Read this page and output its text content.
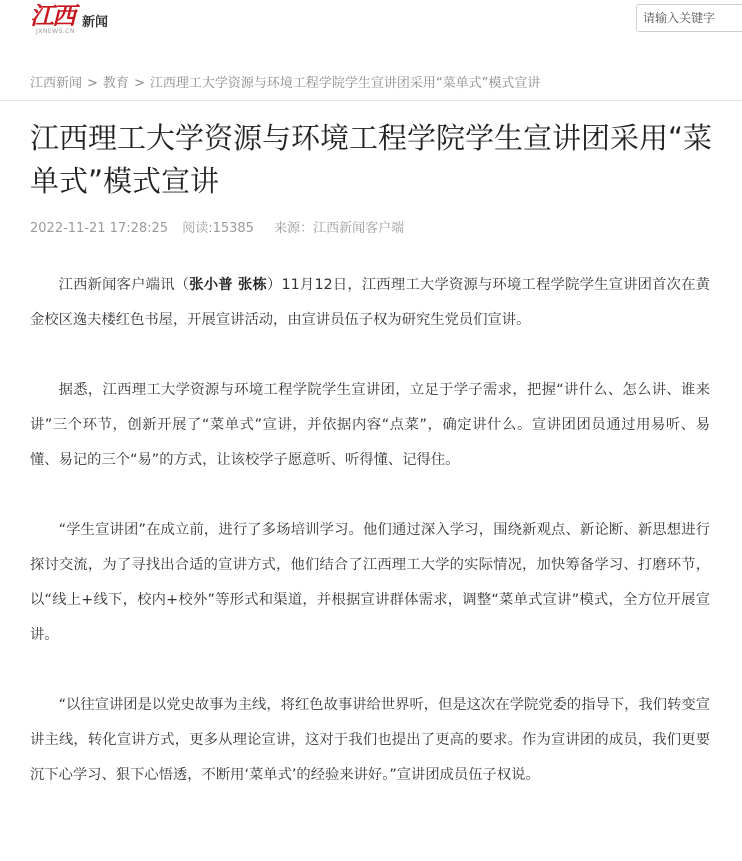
江西
JXNEWS.CN
新闻
请输入关键字
江西新闻 > 教育 > 江西理工大学资源与环境工程学院学生宣讲团采用“菜单式”模式宣讲
江西理工大学资源与环境工程学院学生宣讲团采用“菜单式”模式宣讲
2022-11-21 17:28:25 阅读:15385 来源：江西新闻客户端

江西新闻客户端讯（张小普 张栋）11月12日，江西理工大学资源与环境工程学院学生宣讲团首次在黄金校区逸夫楼红色书屋，开展宣讲活动，由宣讲员伍子权为研究生党员们宣讲。

据悉，江西理工大学资源与环境工程学院学生宣讲团，立足于学子需求，把握“讲什么、怎么讲、谁来讲”三个环节，创新开展了“菜单式”宣讲，并依据内容“点菜”，确定讲什么。宣讲团团员通过用易听、易懂、易记的三个“易”的方式，让该校学子愿意听、听得懂、记得住。

“学生宣讲团”在成立前，进行了多场培训学习。他们通过深入学习，围绕新观点、新论断、新思想进行探讨交流，为了寻找出合适的宣讲方式，他们结合了江西理工大学的实际情况，加快筹备学习、打磨环节，以“线上+线下，校内+校外”等形式和渠道，并根据宣讲群体需求，调整“菜单式宣讲”模式，全方位开展宣讲。

“以往宣讲团是以党史故事为主线，将红色故事讲给世界听，但是这次在学院党委的指导下，我们转变宣讲主线，转化宣讲方式，更多从理论宣讲，这对于我们也提出了更高的要求。作为宣讲团的成员，我们更要沉下心学习、狠下心悟透，不断用‘菜单式’的经验来讲好。”宣讲团成员伍子权说。
